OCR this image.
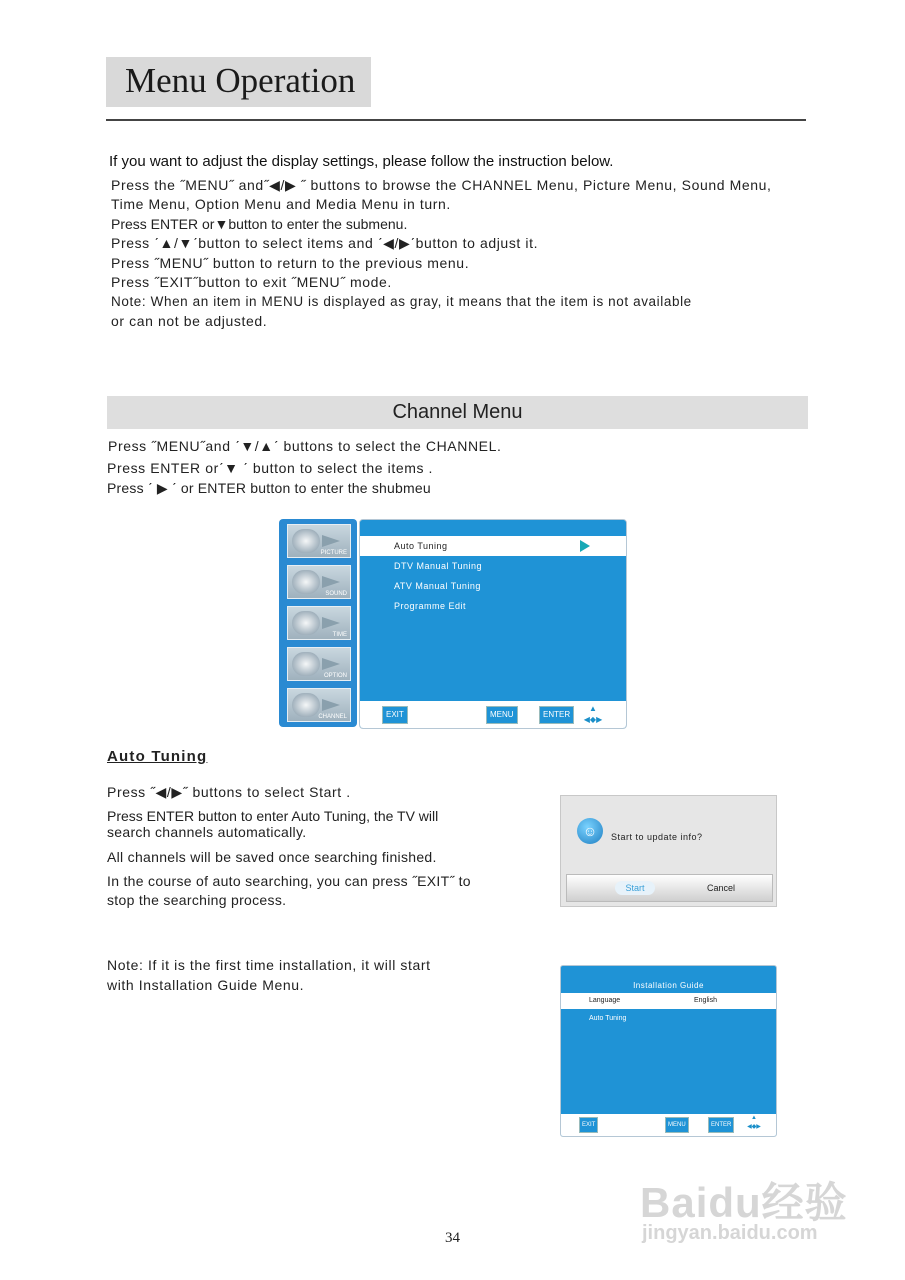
Menu Operation
If you want to adjust the display settings, please follow the instruction below.
Press the ˝MENU˝ and˝◀/▶ ˝ buttons to browse the CHANNEL Menu, Picture Menu, Sound Menu,
Time Menu, Option Menu and Media Menu in turn.
Press ENTER or▼button to enter the submenu.
Press ˊ▲/▼ˊbutton to select items and ˊ◀/▶ˊbutton to adjust it.
Press ˝MENU˝ button to return to the previous menu.
Press ˝EXIT˝button to exit ˝MENU˝ mode.
Note: When an item in MENU is displayed as gray, it means that the item is not available
or can not be adjusted.
Channel Menu
Press ˝MENU˝and ˊ▼/▲ˊ buttons to select the CHANNEL.
Press ENTER orˊ▼ ˊ button to select the items .
Press ˊ ▶ ˊ or ENTER button to enter the shubmeu
PICTURE
SOUND
TIME
OPTION
CHANNEL
Auto Tuning
DTV Manual Tuning
ATV Manual Tuning
Programme Edit
EXIT	MENU	ENTER
▲
◀◆▶
Auto Tuning
Press ˝◀/▶˝ buttons to select Start .
Press ENTER button to enter Auto Tuning, the TV will
search channels automatically.
All channels will be saved once searching finished.
In the course of auto searching, you can press ˝EXIT˝ to
stop the searching process.
Note: If it is the first time installation, it will start
with Installation Guide Menu.
☺	Start to update info?
Start	Cancel
Installation Guide
Language	English
Auto Tuning
EXIT	MENU	ENTER
▲
◀◆▶
Baidu经验
jingyan.baidu.com
34
